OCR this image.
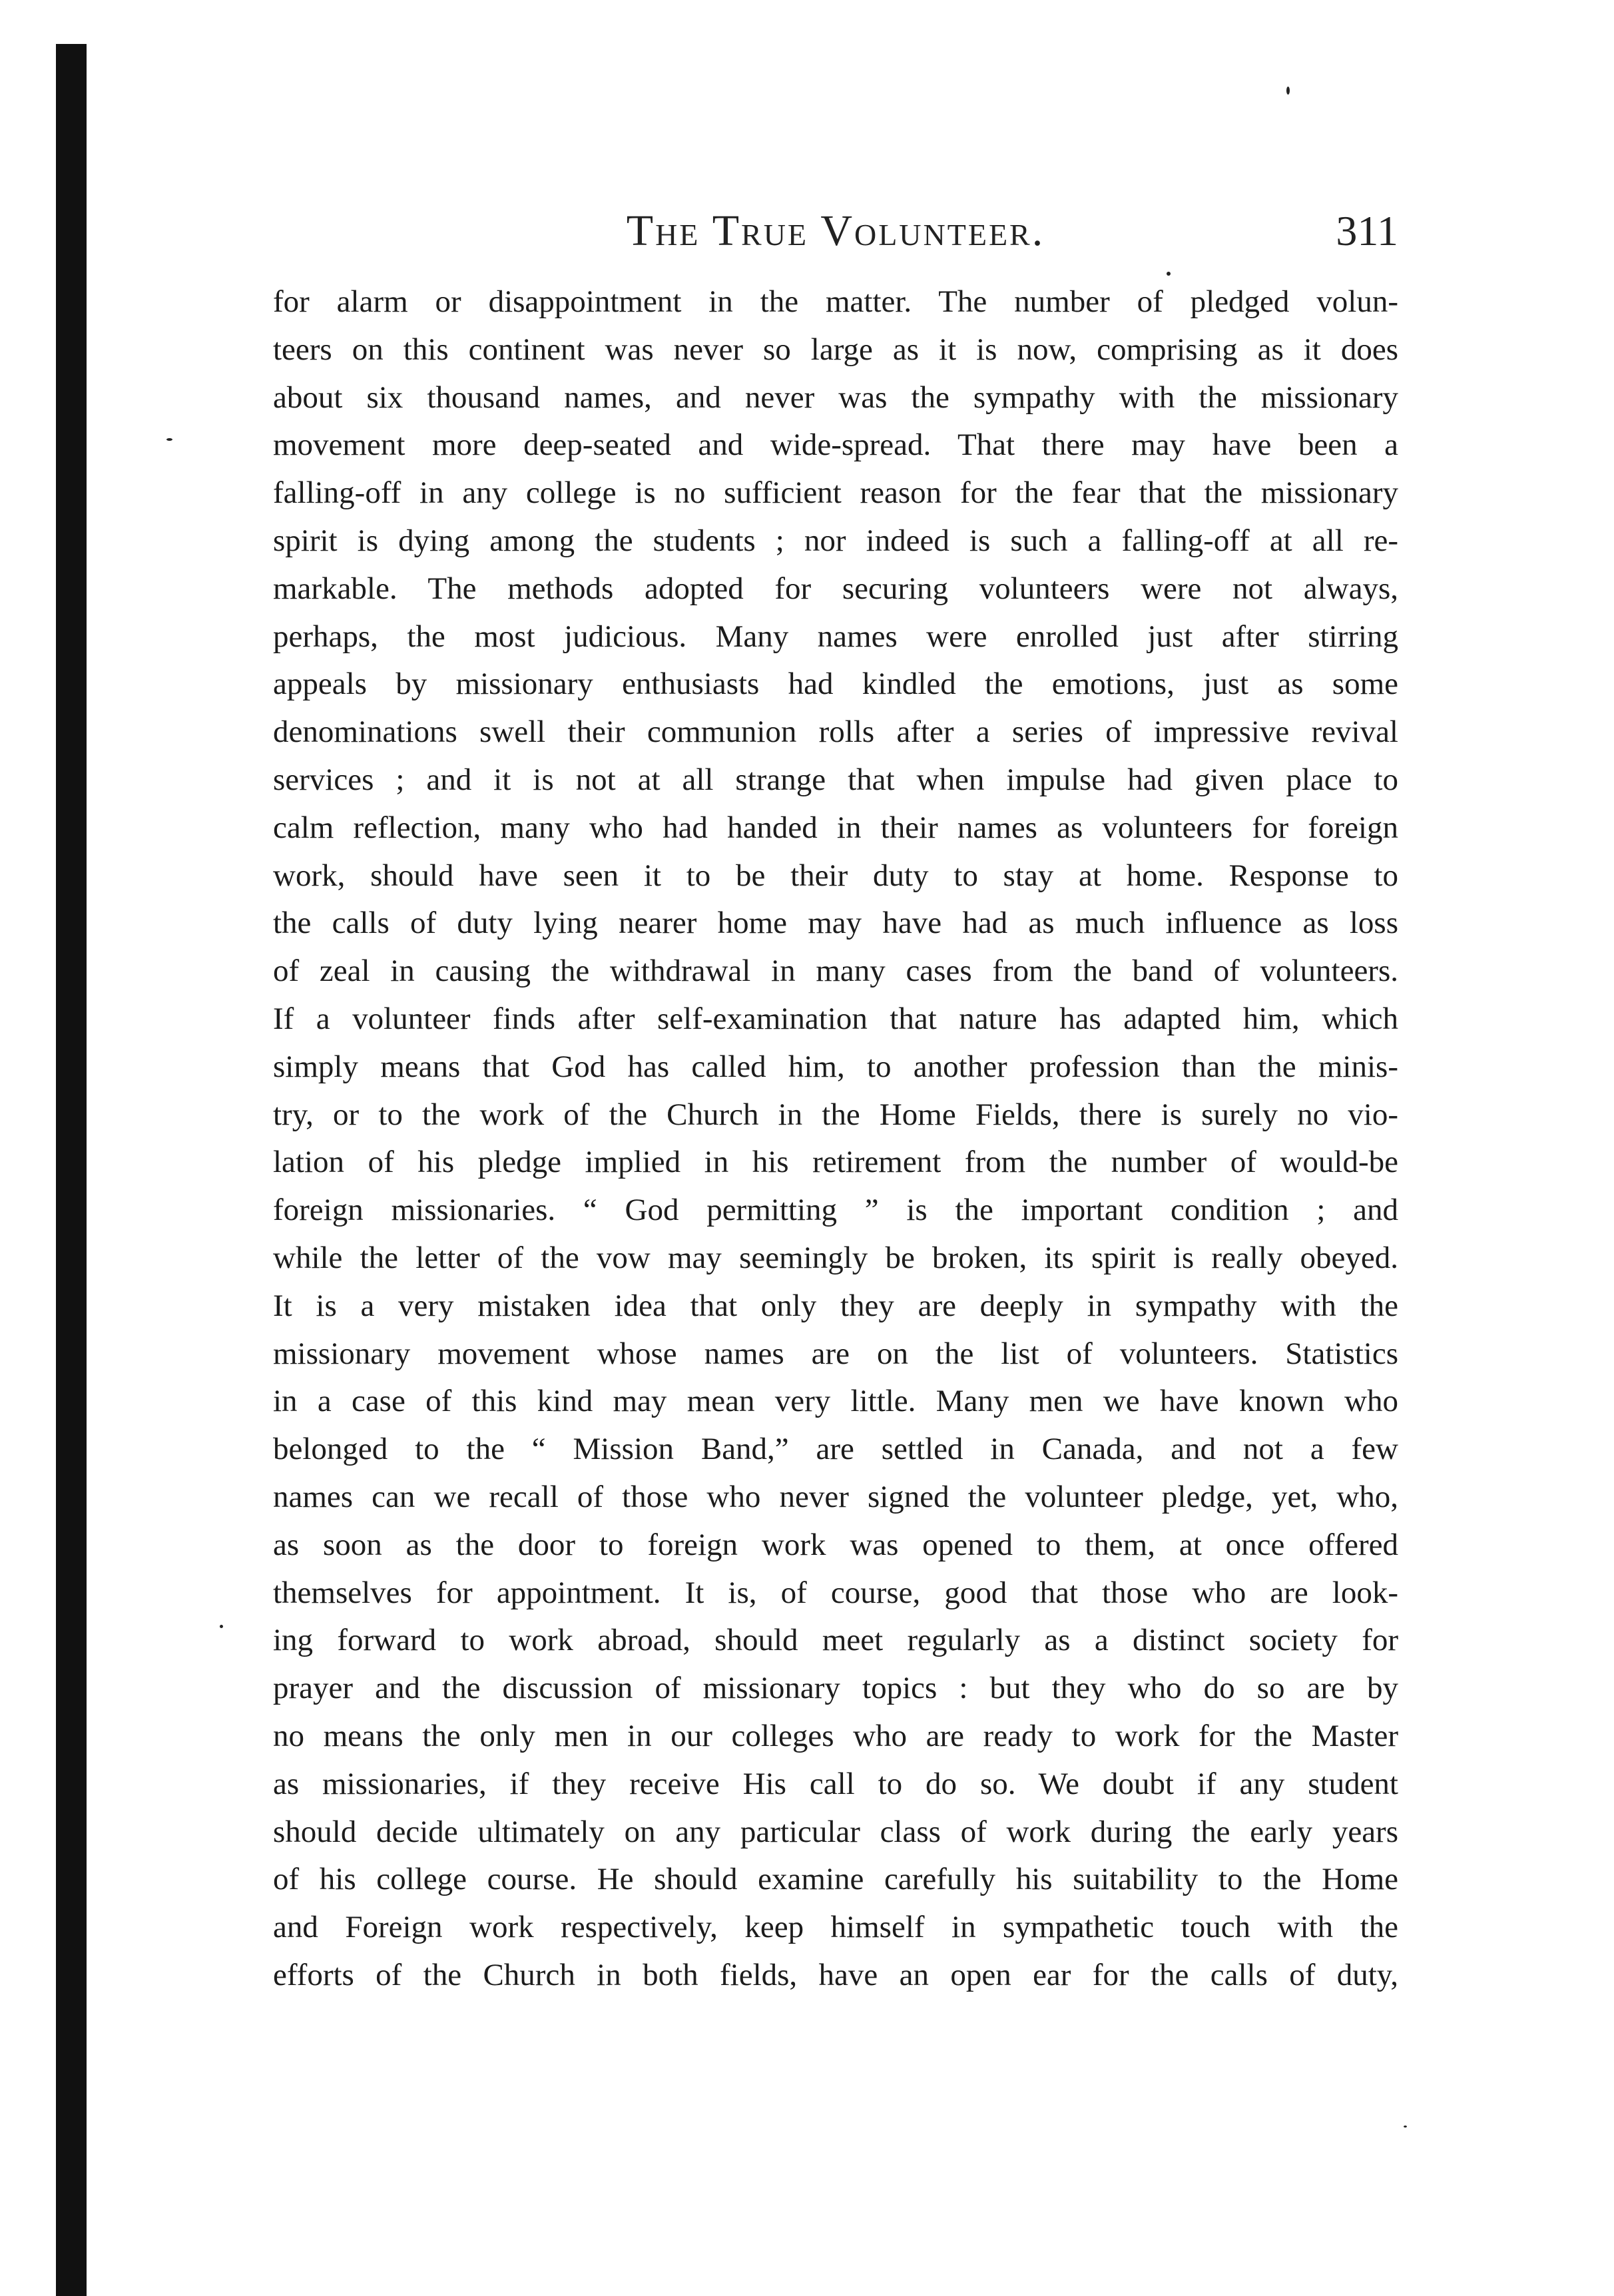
The True Volunteer.	311
for alarm or disappointment in the matter. The number of pledged volun-
teers on this continent was never so large as it is now, comprising as it does
about six thousand names, and never was the sympathy with the missionary
movement more deep-seated and wide-spread. That there may have been a
falling-off in any college is no sufficient reason for the fear that the missionary
spirit is dying among the students ; nor indeed is such a falling-off at all re-
markable. The methods adopted for securing volunteers were not always,
perhaps, the most judicious. Many names were enrolled just after stirring
appeals by missionary enthusiasts had kindled the emotions, just as some
denominations swell their communion rolls after a series of impressive revival
services ; and it is not at all strange that when impulse had given place to
calm reflection, many who had handed in their names as volunteers for foreign
work, should have seen it to be their duty to stay at home. Response to
the calls of duty lying nearer home may have had as much influence as loss
of zeal in causing the withdrawal in many cases from the band of volunteers.
If a volunteer finds after self-examination that nature has adapted him, which
simply means that God has called him, to another profession than the minis-
try, or to the work of the Church in the Home Fields, there is surely no vio-
lation of his pledge implied in his retirement from the number of would-be
foreign missionaries. “ God permitting ” is the important condition ; and
while the letter of the vow may seemingly be broken, its spirit is really obeyed.
It is a very mistaken idea that only they are deeply in sympathy with the
missionary movement whose names are on the list of volunteers. Statistics
in a case of this kind may mean very little. Many men we have known who
belonged to the “ Mission Band,” are settled in Canada, and not a few
names can we recall of those who never signed the volunteer pledge, yet, who,
as soon as the door to foreign work was opened to them, at once offered
themselves for appointment. It is, of course, good that those who are look-
ing forward to work abroad, should meet regularly as a distinct society for
prayer and the discussion of missionary topics : but they who do so are by
no means the only men in our colleges who are ready to work for the Master
as missionaries, if they receive His call to do so. We doubt if any student
should decide ultimately on any particular class of work during the early years
of his college course. He should examine carefully his suitability to the Home
and Foreign work respectively, keep himself in sympathetic touch with the
efforts of the Church in both fields, have an open ear for the calls of duty,
